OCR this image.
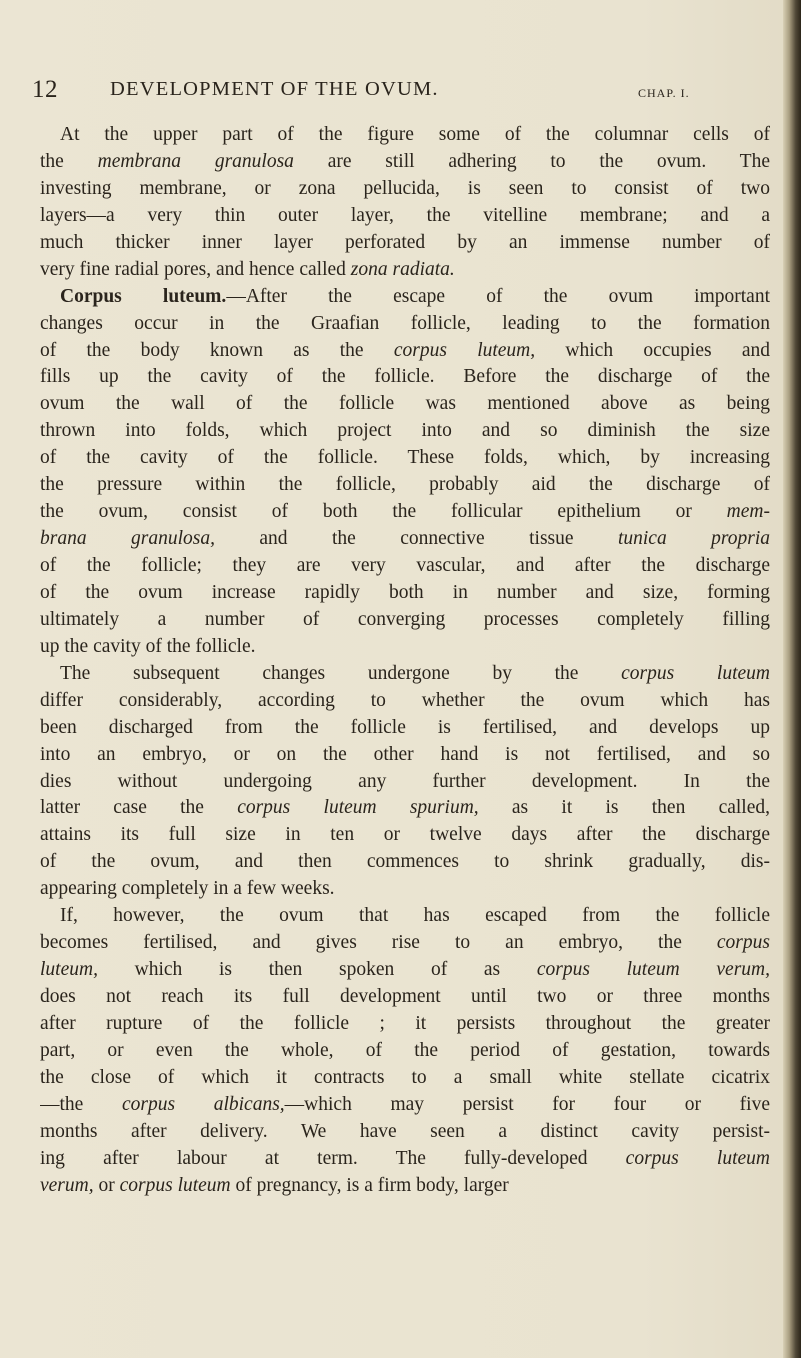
12	DEVELOPMENT OF THE OVUM.	CHAP. I.
At the upper part of the figure some of the columnar cells of
the membrana granulosa are still adhering to the ovum. The
investing membrane, or zona pellucida, is seen to consist of two
layers—a very thin outer layer, the vitelline membrane; and a
much thicker inner layer perforated by an immense number of
very fine radial pores, and hence called zona radiata.
Corpus luteum.—After the escape of the ovum important
changes occur in the Graafian follicle, leading to the formation
of the body known as the corpus luteum, which occupies and
fills up the cavity of the follicle. Before the discharge of the
ovum the wall of the follicle was mentioned above as being
thrown into folds, which project into and so diminish the size
of the cavity of the follicle. These folds, which, by increasing
the pressure within the follicle, probably aid the discharge of
the ovum, consist of both the follicular epithelium or mem-
brana granulosa, and the connective tissue tunica propria
of the follicle; they are very vascular, and after the discharge
of the ovum increase rapidly both in number and size, forming
ultimately a number of converging processes completely filling
up the cavity of the follicle.
The subsequent changes undergone by the corpus luteum
differ considerably, according to whether the ovum which has
been discharged from the follicle is fertilised, and develops up
into an embryo, or on the other hand is not fertilised, and so
dies without undergoing any further development. In the
latter case the corpus luteum spurium, as it is then called,
attains its full size in ten or twelve days after the discharge
of the ovum, and then commences to shrink gradually, dis-
appearing completely in a few weeks.
If, however, the ovum that has escaped from the follicle
becomes fertilised, and gives rise to an embryo, the corpus
luteum, which is then spoken of as corpus luteum verum,
does not reach its full development until two or three months
after rupture of the follicle ; it persists throughout the greater
part, or even the whole, of the period of gestation, towards
the close of which it contracts to a small white stellate cicatrix
—the corpus albicans,—which may persist for four or five
months after delivery. We have seen a distinct cavity persist-
ing after labour at term. The fully-developed corpus luteum
verum, or corpus luteum of pregnancy, is a firm body, larger
